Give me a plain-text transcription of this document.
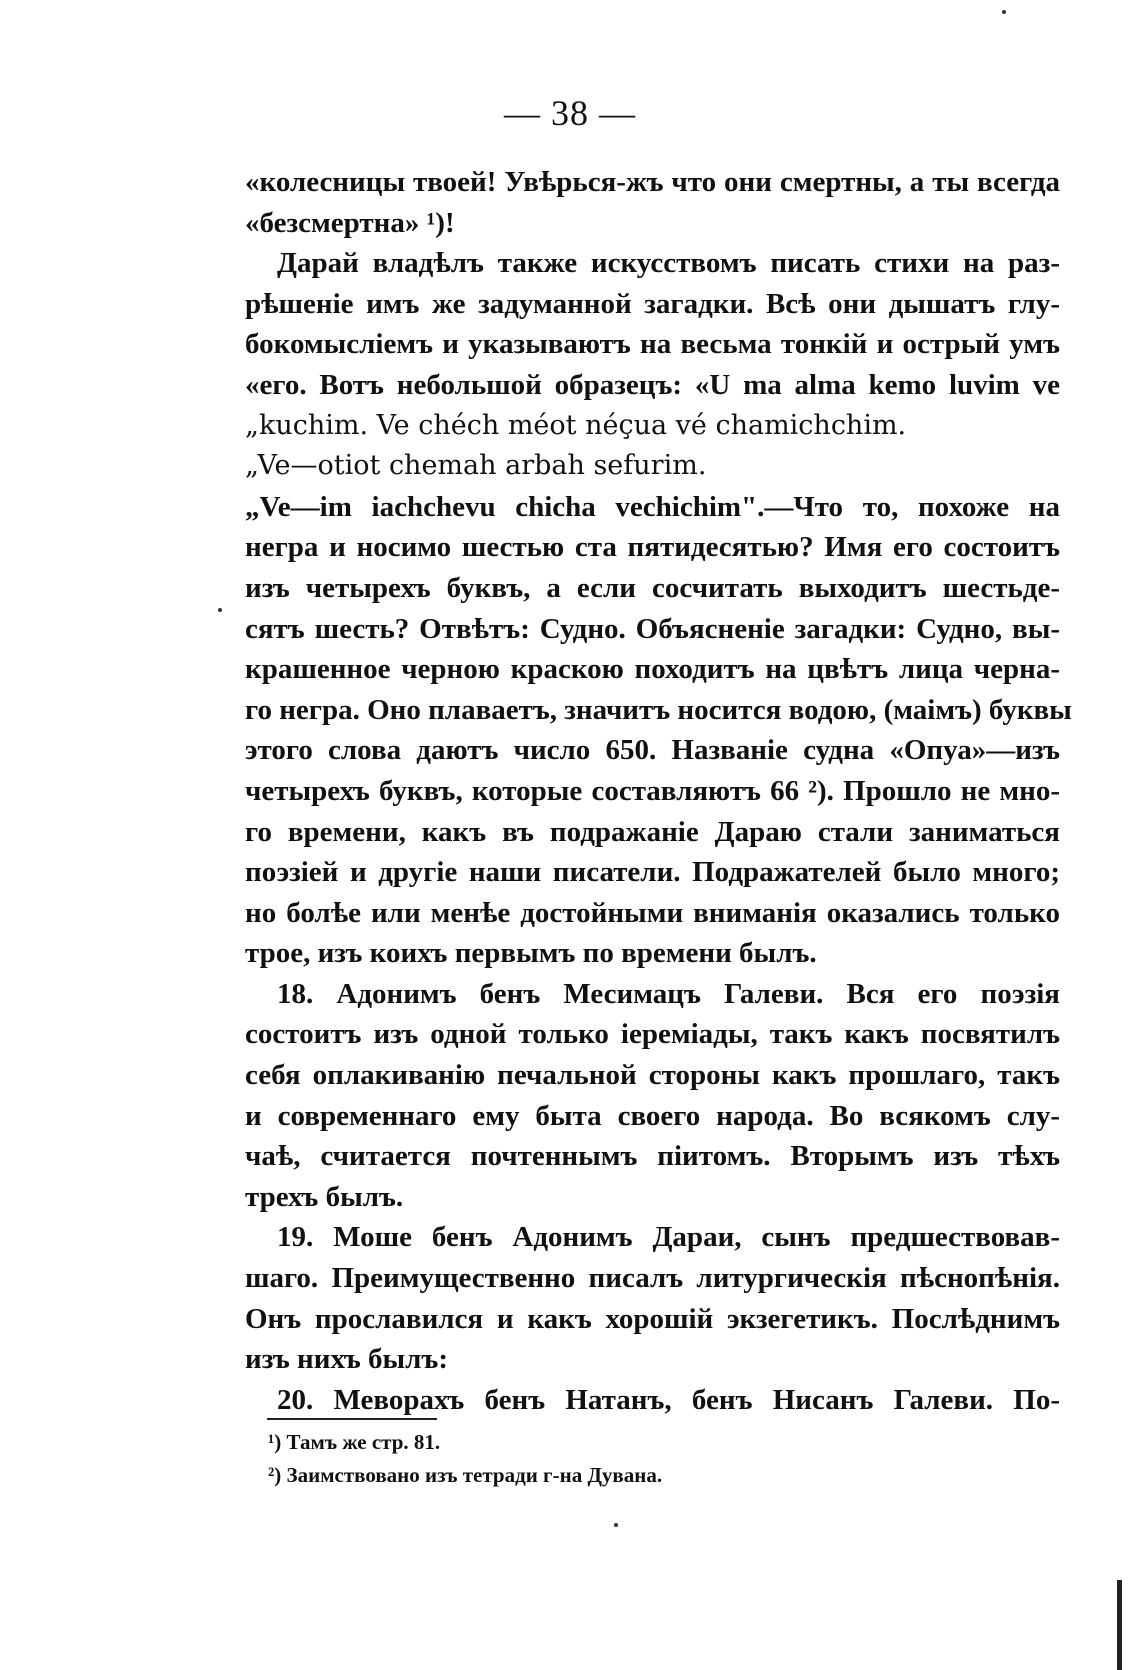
— 38 —
«колесницы твоей! Увѣрься-жъ что они смертны, а ты всегда
«безсмертна» ¹)!
Дарай владѣлъ также искусствомъ писать стихи на раз-
рѣшеніе имъ же задуманной загадки. Всѣ они дышатъ глу-
бокомысліемъ и указываютъ на весьма тонкій и острый умъ
«его. Вотъ небольшой образецъ: «U ma alma kemo luvim ve
„kuchim. Ve chéch méot néçua vé chamichchim.
„Ve—otiot chemah arbah sefurim.
„Ve—im iachchevu chicha vechichim".—Что то, похоже на
негра и носимо шестью ста пятидесятью? Имя его состоитъ
изъ четырехъ буквъ, а если сосчитать выходитъ шестьде-
сятъ шесть? Отвѣтъ: Судно. Объясненіе загадки: Судно, вы-
крашенное черною краскою походитъ на цвѣтъ лица черна-
го негра. Оно плаваетъ, значитъ носится водою, (маімъ) буквы
этого слова даютъ число 650. Названіе судна «Опуа»—изъ
четырехъ буквъ, которые составляютъ 66 ²). Прошло не мно-
го времени, какъ въ подражаніе Дараю стали заниматься
поэзіей и другіе наши писатели. Подражателей было много;
но болѣе или менѣе достойными вниманія оказались только
трое, изъ коихъ первымъ по времени былъ.
18. Адонимъ бенъ Месимацъ Галеви. Вся его поэзія
состоитъ изъ одной только іеремiады, такъ какъ посвятилъ
себя оплакиванію печальной стороны какъ прошлаго, такъ
и современнаго ему быта своего народа. Во всякомъ слу-
чаѣ, считается почтеннымъ піитомъ. Вторымъ изъ тѣхъ
трехъ былъ.
19. Моше бенъ Адонимъ Дараи, сынъ предшествовав-
шаго. Преимущественно писалъ литургическія пѣснопѣнія.
Онъ прославился и какъ хорошій экзегетикъ. Послѣднимъ
изъ нихъ былъ:
20. Меворахъ бенъ Натанъ, бенъ Нисанъ Галеви. По-
¹) Тамъ же стр. 81.
²) Заимствовано изъ тетради г-на Дувана.
